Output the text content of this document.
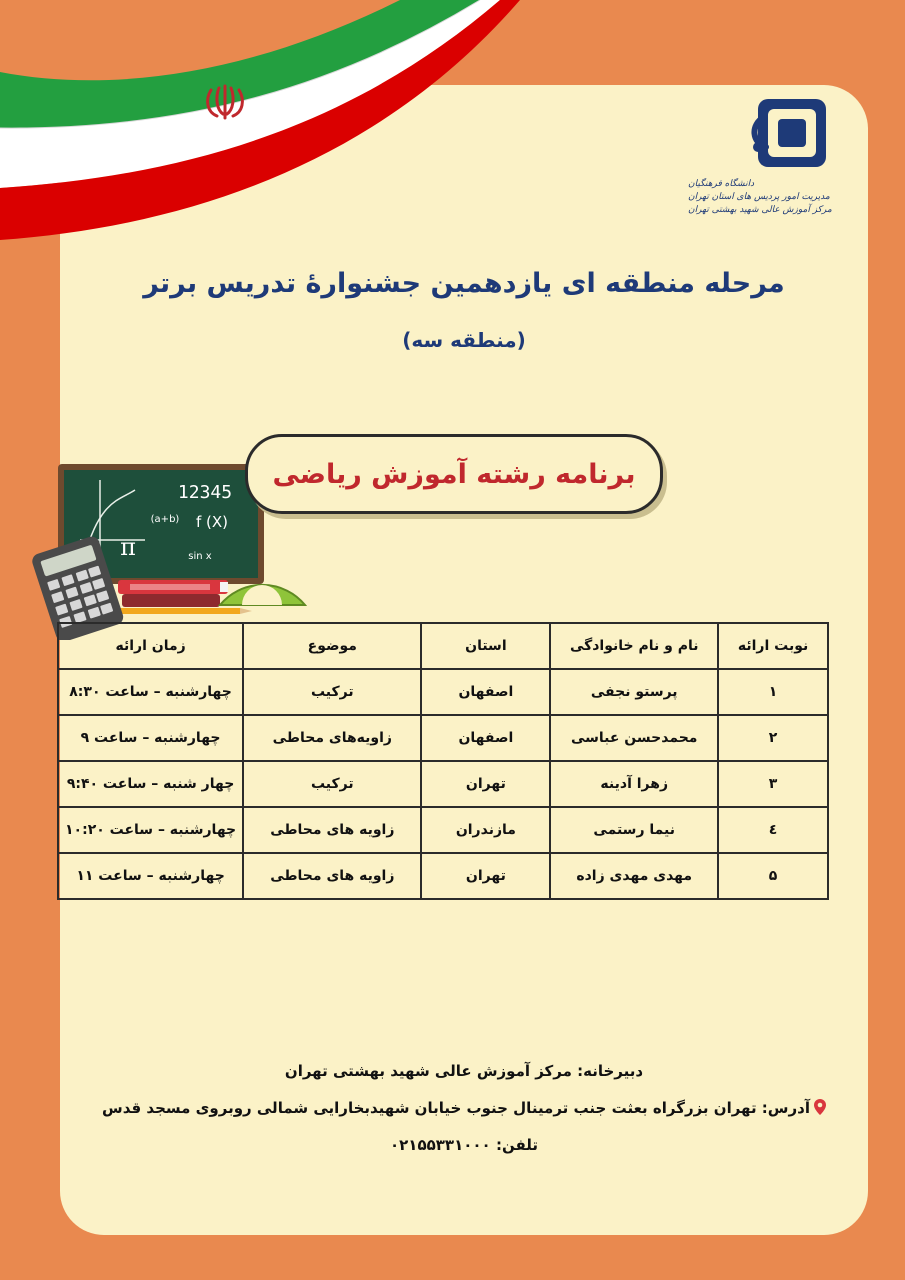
دانشگاه فرهنگیان
مدیریت امور پردیس های استان تهران
مرکز آموزش عالی شهید بهشتی تهران
مرحله منطقه ای یازدهمین جشنوارهٔ تدریس برتر
(منطقه سه)
12345
(a+b) f (X)
π	sin x
برنامه رشته آموزش ریاضی
نوبت ارائه	نام و نام خانوادگی	استان	موضوع	زمان ارائه
۱	پرستو نجفی	اصفهان	ترکیب	چهارشنبه – ساعت ۸:۳۰
۲	محمدحسن عباسی	اصفهان	زاویه‌های محاطی	چهارشنبه – ساعت ۹
۳	زهرا آدینه	تهران	ترکیب	چهار شنبه – ساعت ۹:۴۰
٤	نیما رستمی	مازندران	زاویه های محاطی	چهارشنبه – ساعت ۱۰:۲۰
۵	مهدی مهدی زاده	تهران	زاویه های محاطی	چهارشنبه – ساعت ۱۱
دبیرخانه: مرکز آموزش عالی شهید بهشتی تهران
آدرس: تهران بزرگراه بعثت جنب ترمینال جنوب خیابان شهیدبخارایی شمالی روبروی مسجد قدس
تلفن: ۰۲۱۵۵۳۳۱۰۰۰
